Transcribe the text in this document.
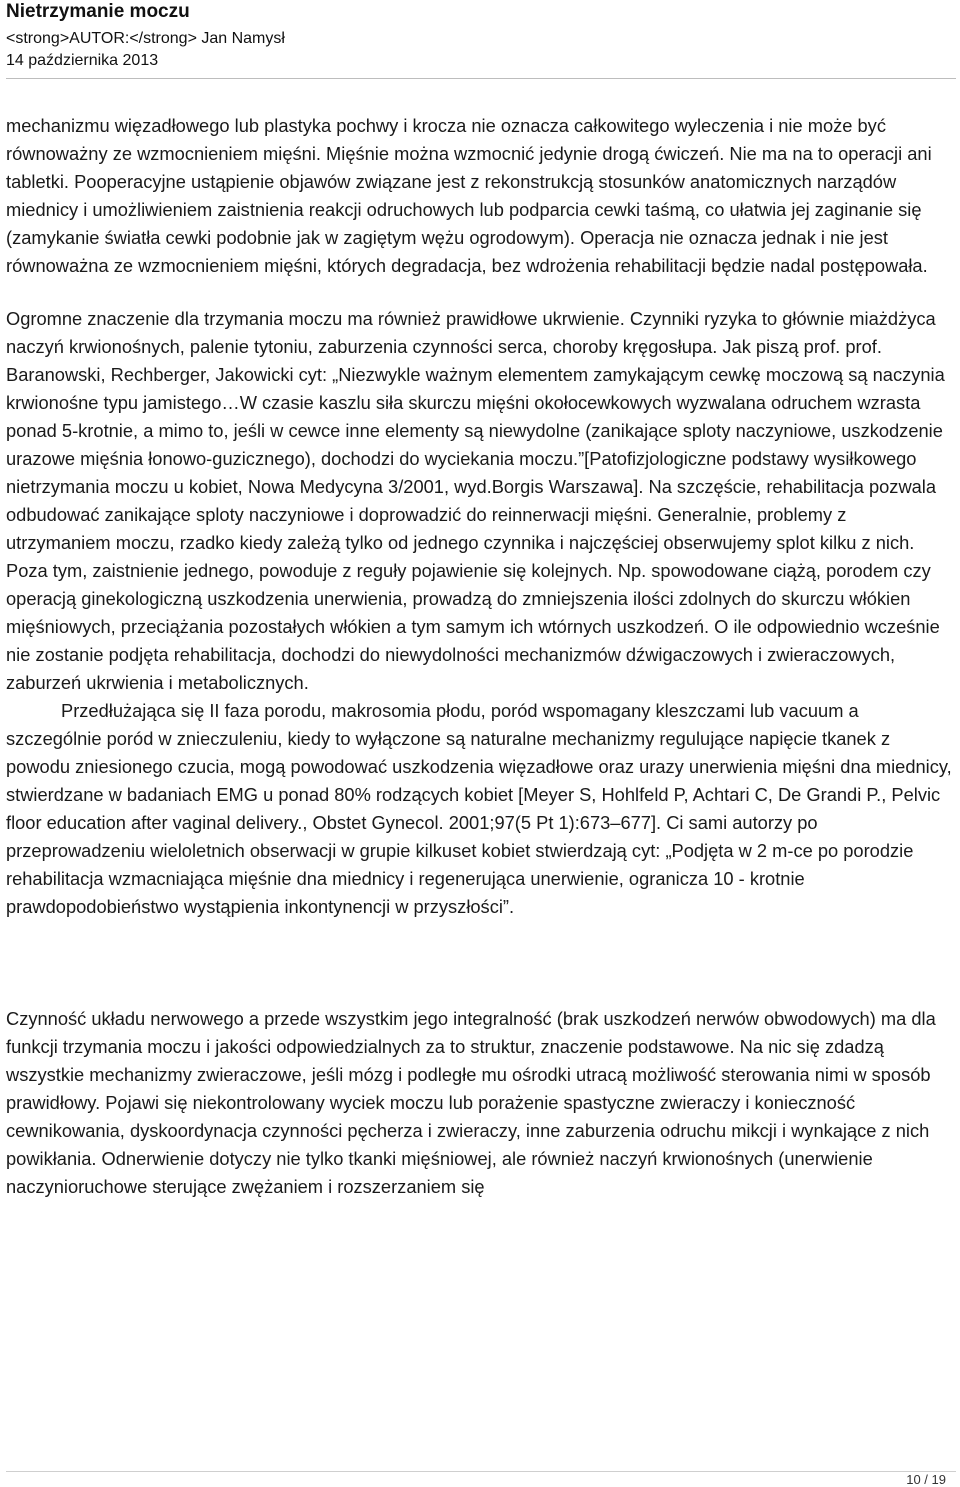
Nietrzymanie moczu
<strong>AUTOR:</strong> Jan Namysł
14 października 2013

mechanizmu więzadłowego lub plastyka pochwy i krocza nie oznacza całkowitego wyleczenia i nie może być równoważny ze wzmocnieniem mięśni. Mięśnie można wzmocnić jedynie drogą ćwiczeń. Nie ma na to operacji ani tabletki. Pooperacyjne ustąpienie objawów związane jest z rekonstrukcją stosunków anatomicznych narządów miednicy i umożliwieniem zaistnienia reakcji odruchowych lub podparcia cewki taśmą, co ułatwia jej zaginanie się (zamykanie światła cewki podobnie jak w zagiętym wężu ogrodowym). Operacja nie oznacza jednak i nie jest równoważna ze wzmocnieniem mięśni, których degradacja, bez wdrożenia rehabilitacji będzie nadal postępowała.

Ogromne znaczenie dla trzymania moczu ma również prawidłowe ukrwienie. Czynniki ryzyka to głównie miażdżyca naczyń krwionośnych, palenie tytoniu, zaburzenia czynności serca, choroby kręgosłupa. Jak piszą prof. prof. Baranowski, Rechberger, Jakowicki cyt: „Niezwykle ważnym elementem zamykającym cewkę moczową są naczynia krwionośne typu jamistego…W czasie kaszlu siła skurczu mięśni okołocewkowych wyzwalana odruchem wzrasta ponad 5-krotnie, a mimo to, jeśli w cewce inne elementy są niewydolne (zanikające sploty naczyniowe, uszkodzenie urazowe mięśnia łonowo-guzicznego), dochodzi do wyciekania moczu.”[Patofizjologiczne podstawy wysiłkowego nietrzymania moczu u kobiet, Nowa Medycyna 3/2001, wyd.Borgis Warszawa]. Na szczęście, rehabilitacja pozwala odbudować zanikające sploty naczyniowe i doprowadzić do reinnerwacji mięśni. Generalnie, problemy z utrzymaniem moczu, rzadko kiedy zależą tylko od jednego czynnika i najczęściej obserwujemy splot kilku z nich. Poza tym, zaistnienie jednego, powoduje z reguły pojawienie się kolejnych. Np. spowodowane ciążą, porodem czy operacją ginekologiczną uszkodzenia unerwienia, prowadzą do zmniejszenia ilości zdolnych do skurczu włókien mięśniowych, przeciążania pozostałych włókien a tym samym ich wtórnych uszkodzeń. O ile odpowiednio wcześnie nie zostanie podjęta rehabilitacja, dochodzi do niewydolności mechanizmów dźwigaczowych i zwieraczowych, zaburzeń ukrwienia i metabolicznych.

Przedłużająca się II faza porodu, makrosomia płodu, poród wspomagany kleszczami lub vacuum a szczególnie poród w znieczuleniu, kiedy to wyłączone są naturalne mechanizmy regulujące napięcie tkanek z powodu zniesionego czucia, mogą powodować uszkodzenia więzadłowe oraz urazy unerwienia mięśni dna miednicy, stwierdzane w badaniach EMG u ponad 80% rodzących kobiet [Meyer S, Hohlfeld P, Achtari C, De Grandi P., Pelvic floor education after vaginal delivery., Obstet Gynecol. 2001;97(5 Pt 1):673–677]. Ci sami autorzy po przeprowadzeniu wieloletnich obserwacji w grupie kilkuset kobiet stwierdzają cyt: „Podjęta w 2 m-ce po porodzie rehabilitacja wzmacniająca mięśnie dna miednicy i regenerująca unerwienie, ogranicza 10 - krotnie prawdopodobieństwo wystąpienia inkontynencji w przyszłości”.

Czynność układu nerwowego a przede wszystkim jego integralność (brak uszkodzeń nerwów obwodowych) ma dla funkcji trzymania moczu i jakości odpowiedzialnych za to struktur, znaczenie podstawowe. Na nic się zdadzą wszystkie mechanizmy zwieraczowe, jeśli mózg i podległe mu ośrodki utracą możliwość sterowania nimi w sposób prawidłowy. Pojawi się niekontrolowany wyciek moczu lub porażenie spastyczne zwieraczy i konieczność cewnikowania, dyskoordynacja czynności pęcherza i zwieraczy, inne zaburzenia odruchu mikcji i wynkające z nich powikłania. Odnerwienie dotyczy nie tylko tkanki mięśniowej, ale również naczyń krwionośnych (unerwienie naczynioruchowe sterujące zwężaniem i rozszerzaniem się

10 / 19
